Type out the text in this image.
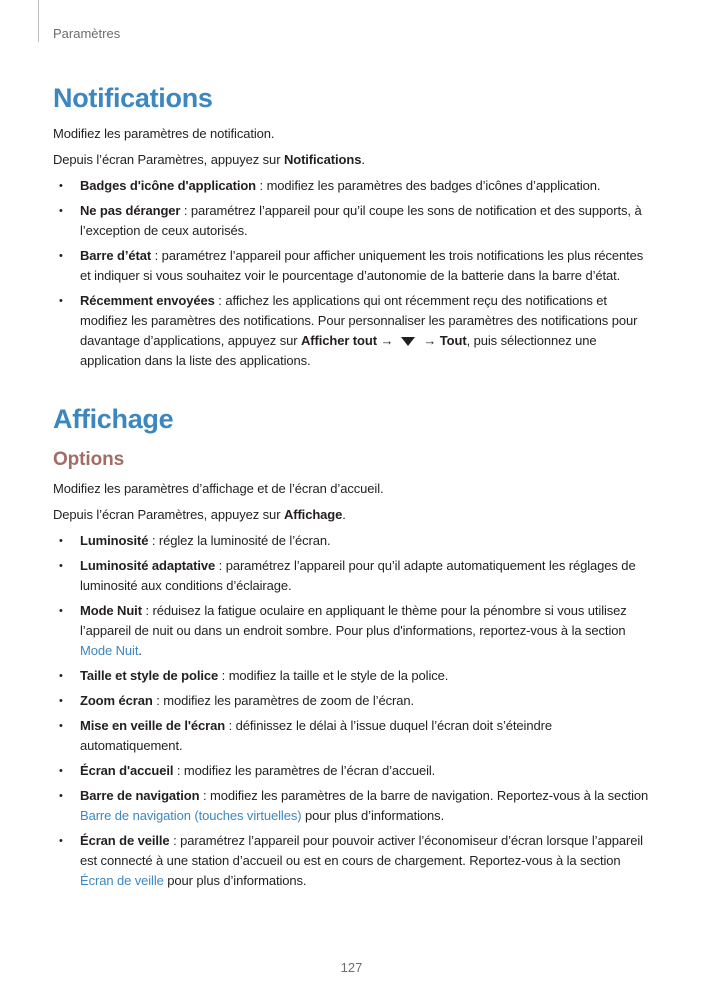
Paramètres
Notifications

Modifiez les paramètres de notification.

Depuis l’écran Paramètres, appuyez sur Notifications.

• Badges d'icône d'application : modifiez les paramètres des badges d’icônes d’application.
• Ne pas déranger : paramétrez l’appareil pour qu’il coupe les sons de notification et des supports, à l’exception de ceux autorisés.
• Barre d’état : paramétrez l’appareil pour afficher uniquement les trois notifications les plus récentes et indiquer si vous souhaitez voir le pourcentage d’autonomie de la batterie dans la barre d’état.
• Récemment envoyées : affichez les applications qui ont récemment reçu des notifications et modifiez les paramètres des notifications. Pour personnaliser les paramètres des notifications pour davantage d’applications, appuyez sur Afficher tout → → Tout, puis sélectionnez une application dans la liste des applications.
Affichage
Options

Modifiez les paramètres d’affichage et de l’écran d’accueil.

Depuis l’écran Paramètres, appuyez sur Affichage.

• Luminosité : réglez la luminosité de l’écran.
• Luminosité adaptative : paramétrez l’appareil pour qu’il adapte automatiquement les réglages de luminosité aux conditions d’éclairage.
• Mode Nuit : réduisez la fatigue oculaire en appliquant le thème pour la pénombre si vous utilisez l’appareil de nuit ou dans un endroit sombre. Pour plus d'informations, reportez-vous à la section Mode Nuit.
• Taille et style de police : modifiez la taille et le style de la police.
• Zoom écran : modifiez les paramètres de zoom de l’écran.
• Mise en veille de l'écran : définissez le délai à l’issue duquel l’écran doit s’éteindre automatiquement.
• Écran d'accueil : modifiez les paramètres de l’écran d’accueil.
• Barre de navigation : modifiez les paramètres de la barre de navigation. Reportez-vous à la section Barre de navigation (touches virtuelles) pour plus d’informations.
• Écran de veille : paramétrez l’appareil pour pouvoir activer l’économiseur d’écran lorsque l’appareil est connecté à une station d’accueil ou est en cours de chargement. Reportez-vous à la section Écran de veille pour plus d’informations.
127
